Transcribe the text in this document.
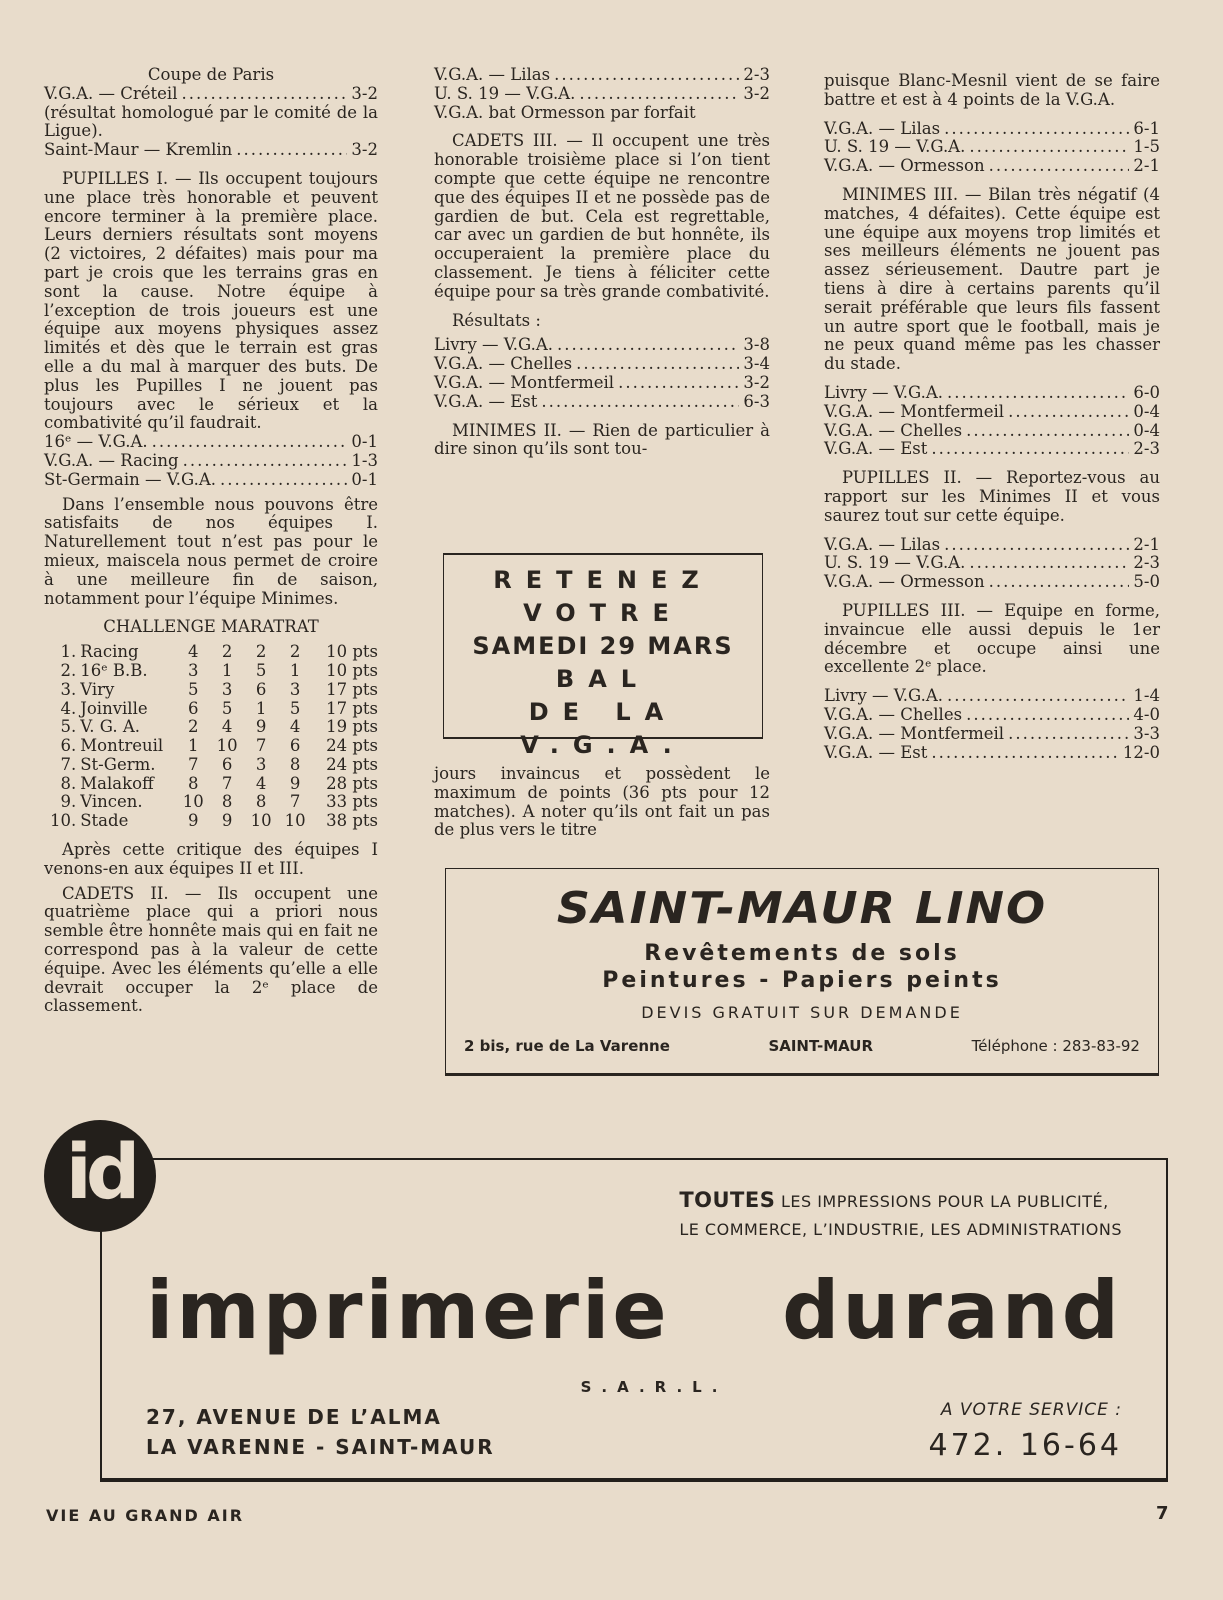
Coupe de Paris

V.G.A. — Créteil .....	3-2

(résultat homologué par le comité de la Ligue).

Saint-Maur — Kremlin .....	3-2

PUPILLES I. — Ils occupent toujours une place très honorable et peuvent encore terminer à la première place. Leurs derniers résultats sont moyens (2 victoires, 2 défaites) mais pour ma part je crois que les terrains gras en sont la cause. Notre équipe à l’exception de trois joueurs est une équipe aux moyens physiques assez limités et dès que le terrain est gras elle a du mal à marquer des buts. De plus les Pupilles I ne jouent pas toujours avec le sérieux et la combativité qu’il faudrait.

16ᵉ — V.G.A. .....	0-1
V.G.A. — Racing .....	1-3
St-Germain — V.G.A. .....	0-1

Dans l’ensemble nous pouvons être satisfaits de nos équipes I. Naturellement tout n’est pas pour le mieux, maiscela nous permet de croire à une meilleure fin de saison, notamment pour l’équipe Minimes.

CHALLENGE MARATRAT

1.	Racing	4	2	2	2	10 pts
2.	16ᵉ B.B.	3	1	5	1	10 pts
3.	Viry	5	3	6	3	17 pts
4.	Joinville	6	5	1	5	17 pts
5.	V. G. A.	2	4	9	4	19 pts
6.	Montreuil	1	10	7	6	24 pts
7.	St-Germ.	7	6	3	8	24 pts
8.	Malakoff	8	7	4	9	28 pts
9.	Vincen.	10	8	8	7	33 pts
10.	Stade	9	9	10	10	38 pts

Après cette critique des équipes I venons-en aux équipes II et III.

CADETS II. — Ils occupent une quatrième place qui a priori nous semble être honnête mais qui en fait ne correspond pas à la valeur de cette équipe. Avec les éléments qu’elle a elle devrait occuper la 2ᵉ place de classement.

V.G.A. — Lilas .....	2-3
U. S. 19 — V.G.A. .....	3-2

V.G.A. bat Ormesson par forfait

CADETS III. — Il occupent une très honorable troisième place si l’on tient compte que cette équipe ne rencontre que des équipes II et ne possède pas de gardien de but. Cela est regrettable, car avec un gardien de but honnête, ils occuperaient la première place du classement. Je tiens à féliciter cette équipe pour sa très grande combativité.

Résultats :

Livry — V.G.A. .....	3-8
V.G.A. — Chelles .....	3-4
V.G.A. — Montfermeil .....	3-2
V.G.A. — Est .....	6-3

MINIMES II. — Rien de particulier à dire sinon qu’ils sont tou-

RETENEZ
VOTRE
SAMEDI 29 MARS
BAL
DE LA V.G.A.

jours invaincus et possèdent le maximum de points (36 pts pour 12 matches). A noter qu’ils ont fait un pas de plus vers le titre

puisque Blanc-Mesnil vient de se faire battre et est à 4 points de la V.G.A.

V.G.A. — Lilas .....	6-1
U. S. 19 — V.G.A. .....	1-5
V.G.A. — Ormesson .....	2-1

MINIMES III. — Bilan très négatif (4 matches, 4 défaites). Cette équipe est une équipe aux moyens trop limités et ses meilleurs éléments ne jouent pas assez sérieusement. Dautre part je tiens à dire à certains parents qu’il serait préférable que leurs fils fassent un autre sport que le football, mais je ne peux quand même pas les chasser du stade.

Livry — V.G.A. .....	6-0
V.G.A. — Montfermeil .....	0-4
V.G.A. — Chelles .....	0-4
V.G.A. — Est .....	2-3

PUPILLES II. — Reportez-vous au rapport sur les Minimes II et vous saurez tout sur cette équipe.

V.G.A. — Lilas .....	2-1
U. S. 19 — V.G.A. .....	2-3
V.G.A. — Ormesson .....	5-0

PUPILLES III. — Equipe en forme, invaincue elle aussi depuis le 1er décembre et occupe ainsi une excellente 2ᵉ place.

Livry — V.G.A. .....	1-4
V.G.A. — Chelles .....	4-0
V.G.A. — Montfermeil .....	3-3
V.G.A. — Est .....	12-0
SAINT-MAUR LINO
Revêtements de sols
Peintures - Papiers peints
DEVIS GRATUIT SUR DEMANDE
2 bis, rue de La Varenne	SAINT-MAUR	Téléphone : 283-83-92
TOUTES LES IMPRESSIONS POUR LA PUBLICITÉ,
LE COMMERCE, L’INDUSTRIE, LES ADMINISTRATIONS
imprimerie durand
S.A.R.L.
27, AVENUE DE L’ALMA
LA VARENNE - SAINT-MAUR
A VOTRE SERVICE :
472. 16-64
id
VIE AU GRAND AIR	7
